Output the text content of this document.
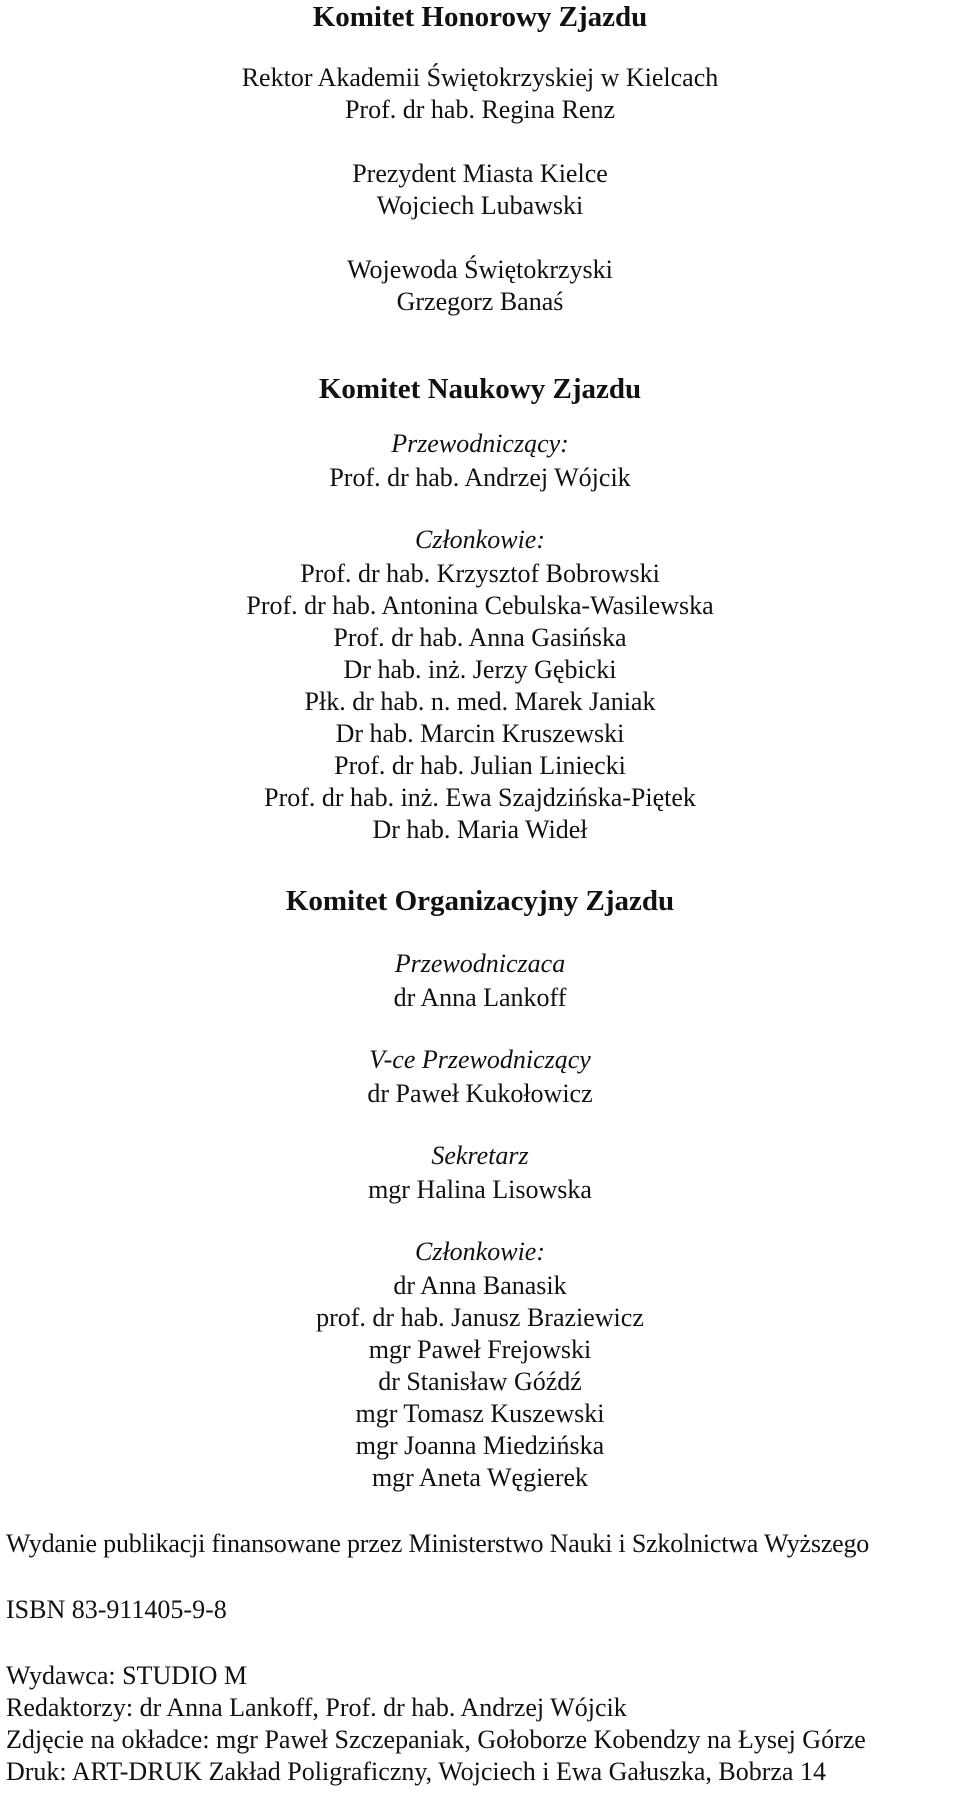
Komitet Honorowy Zjazdu
Rektor Akademii Świętokrzyskiej w Kielcach
Prof. dr hab. Regina Renz
Prezydent Miasta Kielce
Wojciech Lubawski
Wojewoda Świętokrzyski
Grzegorz Banaś
Komitet Naukowy Zjazdu
Przewodniczący:
Prof. dr hab. Andrzej Wójcik
Członkowie:
Prof. dr hab. Krzysztof Bobrowski
Prof. dr hab. Antonina Cebulska-Wasilewska
Prof. dr hab. Anna Gasińska
Dr hab. inż. Jerzy Gębicki
Płk. dr hab. n. med. Marek Janiak
Dr hab. Marcin Kruszewski
Prof. dr hab. Julian Liniecki
Prof. dr hab. inż. Ewa Szajdzińska-Piętek
Dr hab. Maria Wideł
Komitet Organizacyjny Zjazdu
Przewodniczaca
dr Anna Lankoff
V-ce Przewodniczący
dr Paweł Kukołowicz
Sekretarz
mgr Halina Lisowska
Członkowie:
dr Anna Banasik
prof. dr hab. Janusz Braziewicz
mgr Paweł Frejowski
dr Stanisław Góźdź
mgr Tomasz Kuszewski
mgr Joanna Miedzińska
mgr Aneta Węgierek
Wydanie publikacji finansowane przez Ministerstwo Nauki i Szkolnictwa Wyższego
ISBN 83-911405-9-8
Wydawca: STUDIO M
Redaktorzy: dr Anna Lankoff, Prof. dr hab. Andrzej Wójcik
Zdjęcie na okładce: mgr Paweł Szczepaniak, Gołoborze Kobendzy na Łysej Górze
Druk: ART-DRUK Zakład Poligraficzny, Wojciech i Ewa Gałuszka, Bobrza 14
